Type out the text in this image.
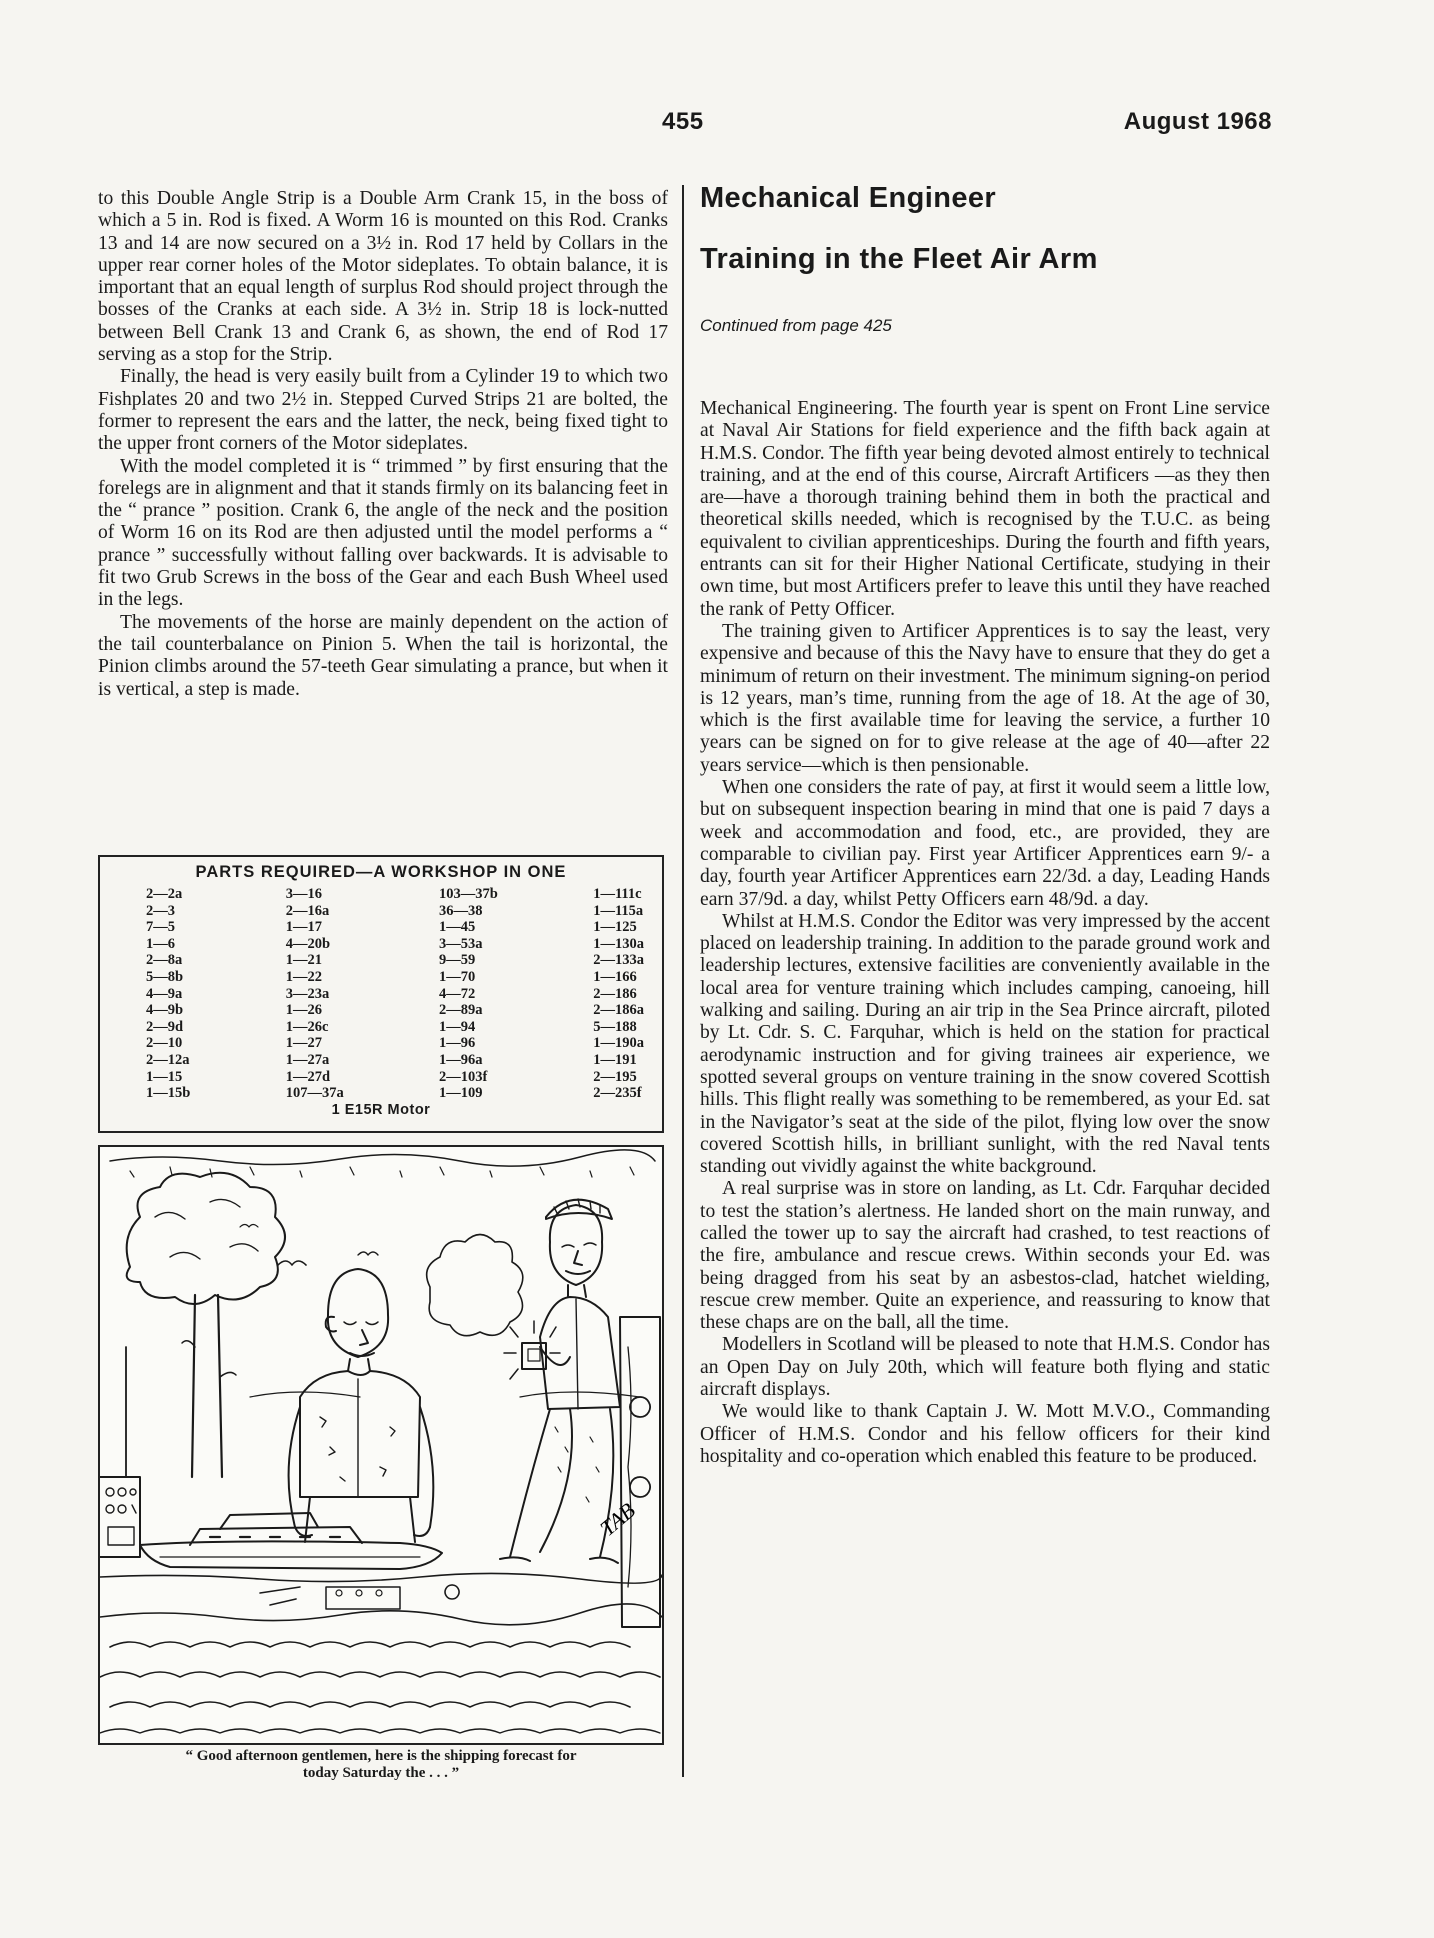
455	August 1968

to this Double Angle Strip is a Double Arm Crank 15, in the boss of which a 5 in. Rod is fixed. A Worm 16 is mounted on this Rod. Cranks 13 and 14 are now secured on a 3½ in. Rod 17 held by Collars in the upper rear corner holes of the Motor sideplates. To obtain balance, it is important that an equal length of surplus Rod should project through the bosses of the Cranks at each side. A 3½ in. Strip 18 is lock-nutted between Bell Crank 13 and Crank 6, as shown, the end of Rod 17 serving as a stop for the Strip.

Finally, the head is very easily built from a Cylinder 19 to which two Fishplates 20 and two 2½ in. Stepped Curved Strips 21 are bolted, the former to represent the ears and the latter, the neck, being fixed tight to the upper front corners of the Motor sideplates.

With the model completed it is “ trimmed ” by first ensuring that the forelegs are in alignment and that it stands firmly on its balancing feet in the “ prance ” position. Crank 6, the angle of the neck and the position of Worm 16 on its Rod are then adjusted until the model performs a “ prance ” successfully without falling over backwards. It is advisable to fit two Grub Screws in the boss of the Gear and each Bush Wheel used in the legs.

The movements of the horse are mainly dependent on the action of the tail counterbalance on Pinion 5. When the tail is horizontal, the Pinion climbs around the 57-teeth Gear simulating a prance, but when it is vertical, a step is made.

PARTS REQUIRED—A WORKSHOP IN ONE
2—2a
2—3
7—5
1—6
2—8a
5—8b
4—9a
4—9b
2—9d
2—10
2—12a
1—15
1—15b
3—16
2—16a
1—17
4—20b
1—21
1—22
3—23a
1—26
1—26c
1—27
1—27a
1—27d
107—37a
103—37b
36—38
1—45
3—53a
9—59
1—70
4—72
2—89a
1—94
1—96
1—96a
2—103f
1—109
1—111c
1—115a
1—125
1—130a
2—133a
1—166
2—186
2—186a
5—188
1—190a
1—191
2—195
2—235f
1 E15R Motor
TAB
“ Good afternoon gentlemen, here is the shipping forecast for
today Saturday the . . . ”
Mechanical Engineer
Training in the Fleet Air Arm
Continued from page 425

Mechanical Engineering. The fourth year is spent on Front Line service at Naval Air Stations for field experience and the fifth back again at H.M.S. Condor. The fifth year being devoted almost entirely to technical training, and at the end of this course, Aircraft Artificers —as they then are—have a thorough training behind them in both the practical and theoretical skills needed, which is recognised by the T.U.C. as being equivalent to civilian apprenticeships. During the fourth and fifth years, entrants can sit for their Higher National Certificate, studying in their own time, but most Artificers prefer to leave this until they have reached the rank of Petty Officer.

The training given to Artificer Apprentices is to say the least, very expensive and because of this the Navy have to ensure that they do get a minimum of return on their investment. The minimum signing-on period is 12 years, man’s time, running from the age of 18. At the age of 30, which is the first available time for leaving the service, a further 10 years can be signed on for to give release at the age of 40—after 22 years service—which is then pensionable.

When one considers the rate of pay, at first it would seem a little low, but on subsequent inspection bearing in mind that one is paid 7 days a week and accommodation and food, etc., are provided, they are comparable to civilian pay. First year Artificer Apprentices earn 9/- a day, fourth year Artificer Apprentices earn 22/3d. a day, Leading Hands earn 37/9d. a day, whilst Petty Officers earn 48/9d. a day.

Whilst at H.M.S. Condor the Editor was very impressed by the accent placed on leadership training. In addition to the parade ground work and leadership lectures, extensive facilities are conveniently available in the local area for venture training which includes camping, canoeing, hill walking and sailing. During an air trip in the Sea Prince aircraft, piloted by Lt. Cdr. S. C. Farquhar, which is held on the station for practical aerodynamic instruction and for giving trainees air experience, we spotted several groups on venture training in the snow covered Scottish hills. This flight really was something to be remembered, as your Ed. sat in the Navigator’s seat at the side of the pilot, flying low over the snow covered Scottish hills, in brilliant sunlight, with the red Naval tents standing out vividly against the white background.

A real surprise was in store on landing, as Lt. Cdr. Farquhar decided to test the station’s alertness. He landed short on the main runway, and called the tower up to say the aircraft had crashed, to test reactions of the fire, ambulance and rescue crews. Within seconds your Ed. was being dragged from his seat by an asbestos-clad, hatchet wielding, rescue crew member. Quite an experience, and reassuring to know that these chaps are on the ball, all the time.

Modellers in Scotland will be pleased to note that H.M.S. Condor has an Open Day on July 20th, which will feature both flying and static aircraft displays.

We would like to thank Captain J. W. Mott M.V.O., Commanding Officer of H.M.S. Condor and his fellow officers for their kind hospitality and co-operation which enabled this feature to be produced.
